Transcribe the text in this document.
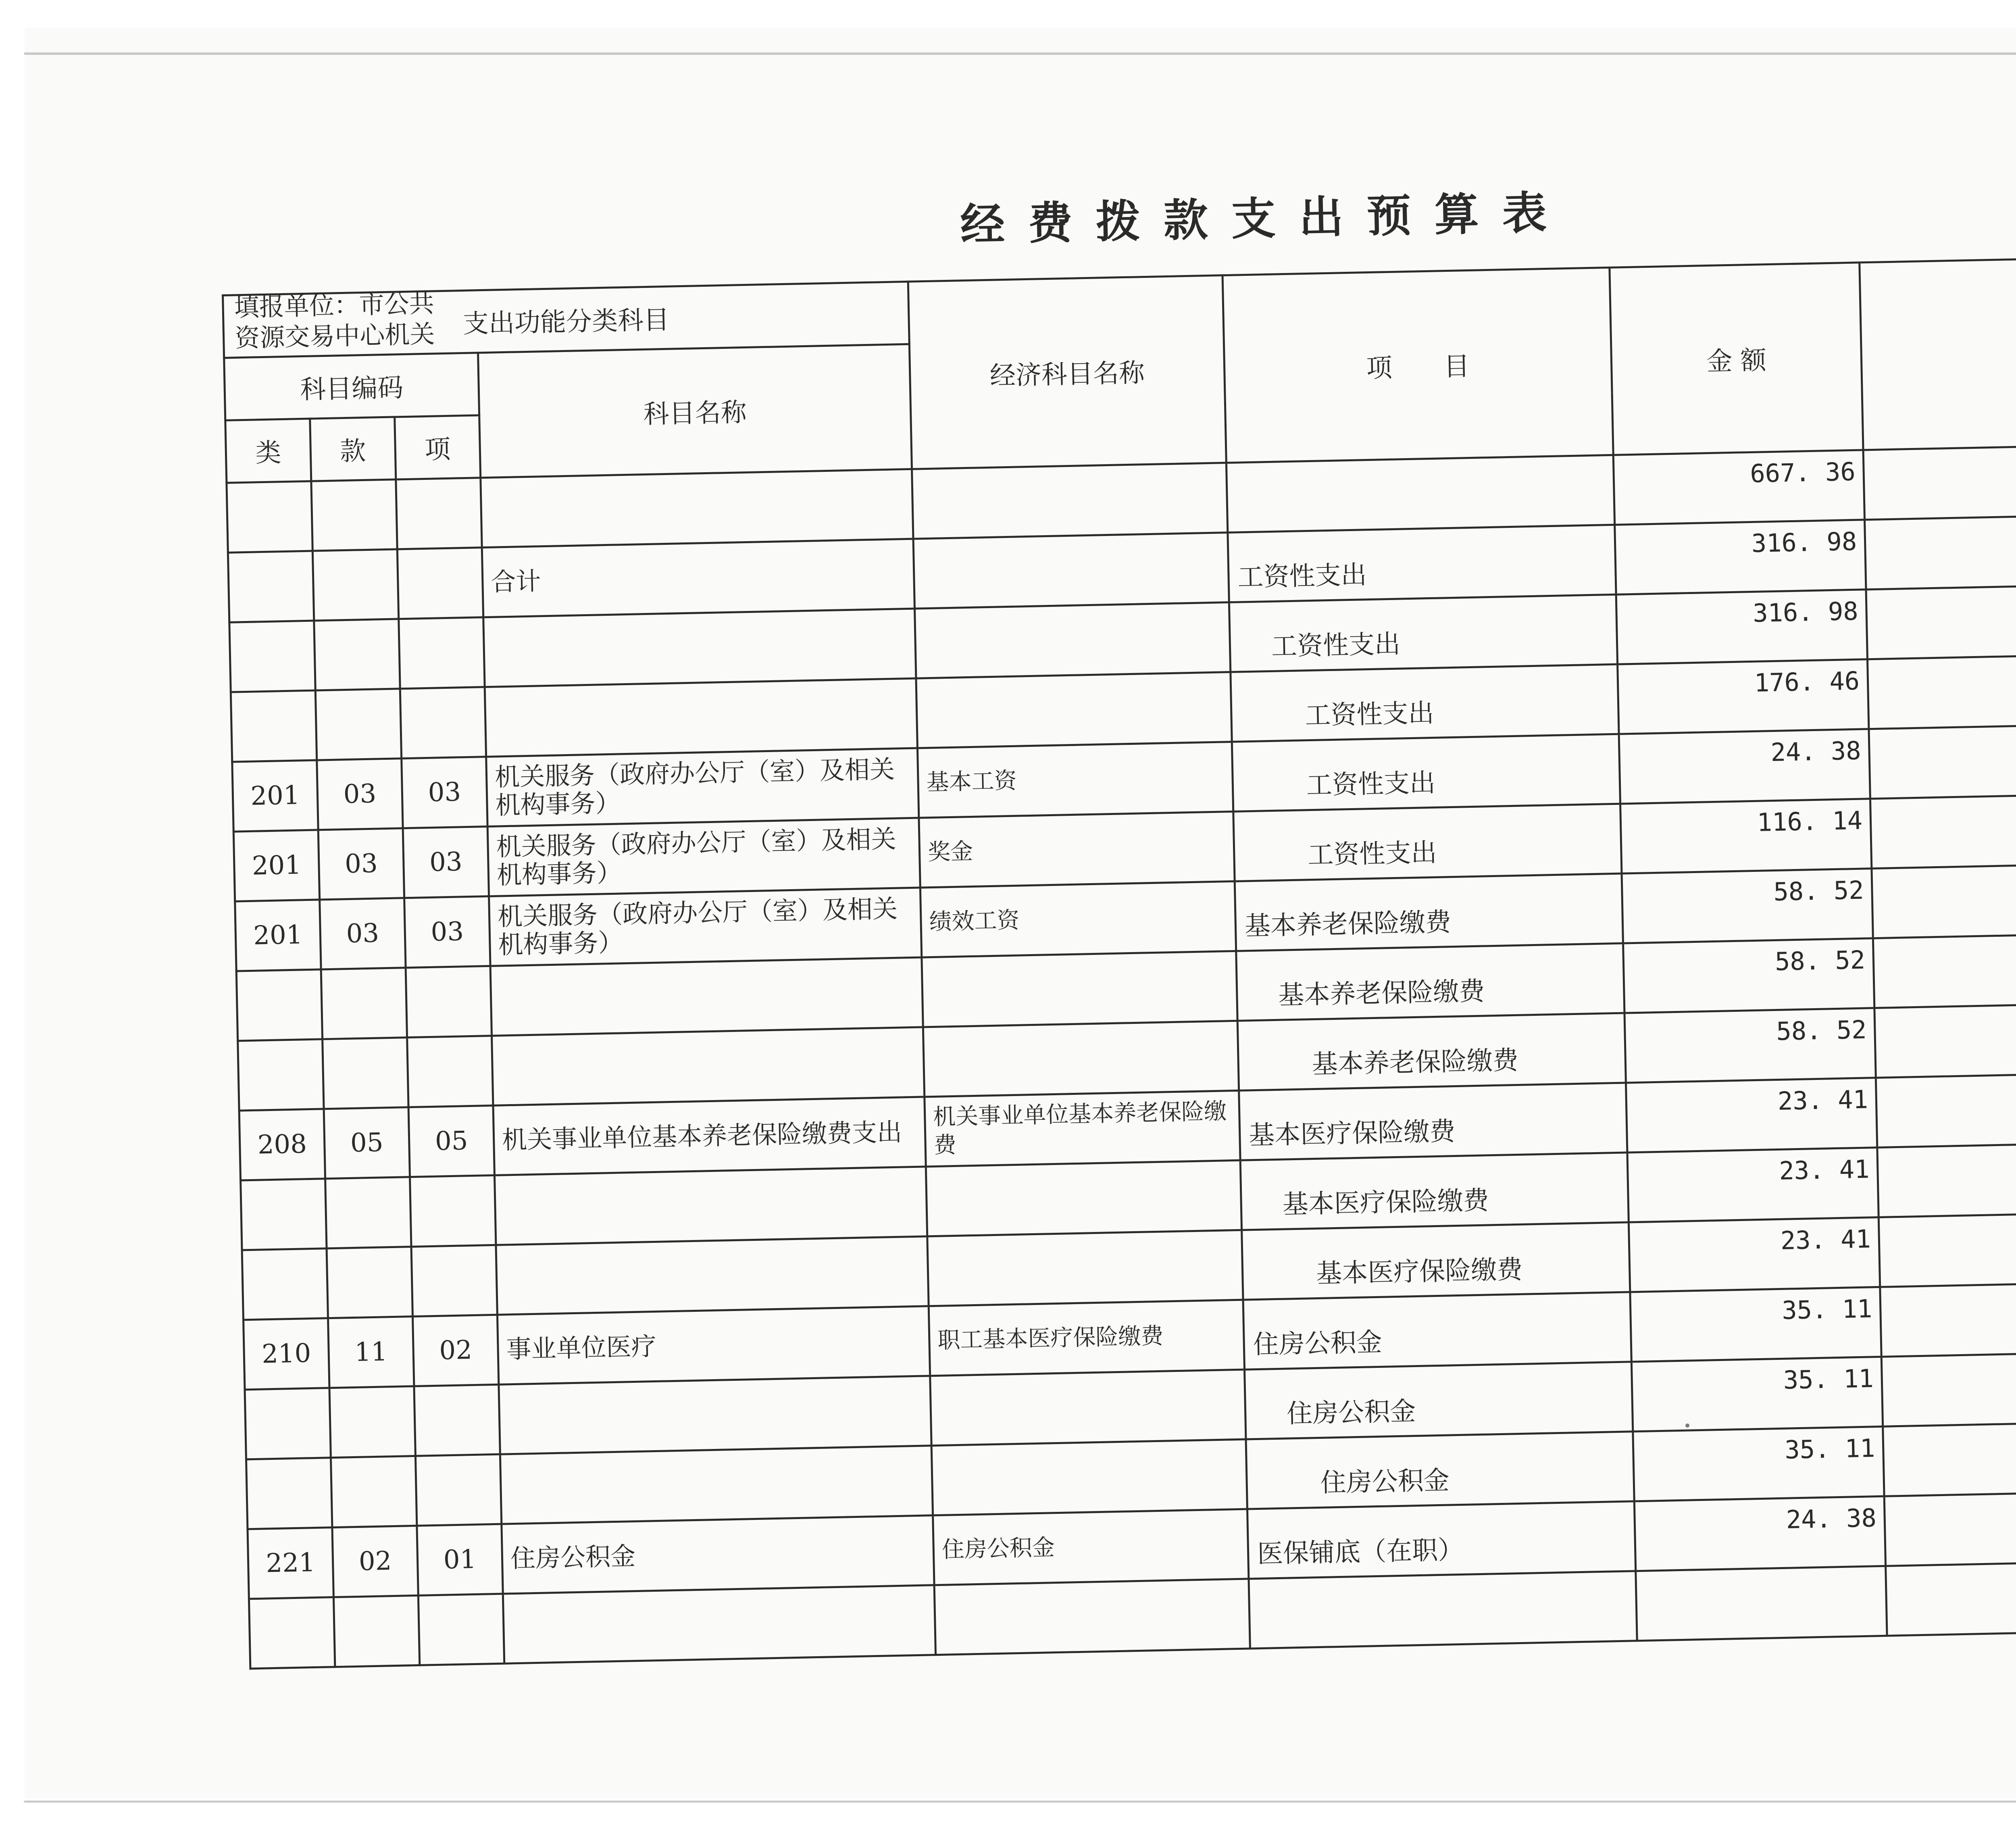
经费拨款支出预算表
填报单位：市公共
资源交易中心机关	支出功能分类科目				经济科目名称	项　　目	金 额	
科目编码			科目名称				
类	款	项					
						667. 36	
			合计		工资性支出	316. 98	
					工资性支出	316. 98	
					工资性支出	176. 46	
201	03	03	机关服务（政府办公厅（室）及相关机构事务）	基本工资	工资性支出	24. 38	
201	03	03	机关服务（政府办公厅（室）及相关机构事务）	奖金	工资性支出	116. 14	
201	03	03	机关服务（政府办公厅（室）及相关机构事务）	绩效工资	基本养老保险缴费	58. 52	
					基本养老保险缴费	58. 52	
					基本养老保险缴费	58. 52	
208	05	05	机关事业单位基本养老保险缴费支出	机关事业单位基本养老保险缴费	基本医疗保险缴费	23. 41	
					基本医疗保险缴费	23. 41	
					基本医疗保险缴费	23. 41	
210	11	02	事业单位医疗	职工基本医疗保险缴费	住房公积金	35. 11	
					住房公积金	35. 11	
					住房公积金	35. 11	
221	02	01	住房公积金	住房公积金	医保铺底（在职）	24. 38	
